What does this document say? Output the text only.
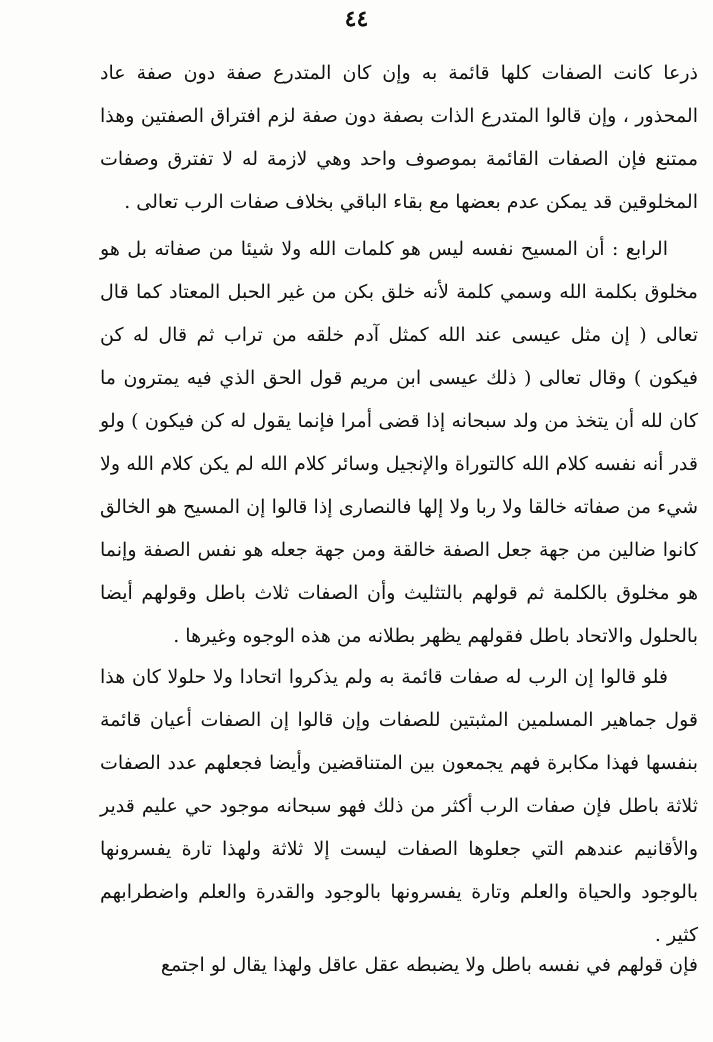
٤٤

ذرعا كانت الصفات كلها قائمة به وإن كان المتدرع صفة دون صفة عاد المحذور ، وإن قالوا المتدرع الذات بصفة دون صفة لزم افتراق الصفتين وهذا ممتنع فإن الصفات القائمة بموصوف واحد وهي لازمة له لا تفترق وصفات المخلوقين قد يمكن عدم بعضها مع بقاء الباقي بخلاف صفات الرب تعالى .

الرابع : أن المسيح نفسه ليس هو كلمات الله ولا شيئا من صفاته بل هو مخلوق بكلمة الله وسمي كلمة لأنه خلق بكن من غير الحبل المعتاد كما قال تعالى ( إن مثل عيسى عند الله كمثل آدم خلقه من تراب ثم قال له كن فيكون ) وقال تعالى ( ذلك عيسى ابن مريم قول الحق الذي فيه يمترون ما كان لله أن يتخذ من ولد سبحانه إذا قضى أمرا فإنما يقول له كن فيكون ) ولو قدر أنه نفسه كلام الله كالتوراة والإنجيل وسائر كلام الله لم يكن كلام الله ولا شيء من صفاته خالقا ولا ربا ولا إلها فالنصارى إذا قالوا إن المسيح هو الخالق كانوا ضالين من جهة جعل الصفة خالقة ومن جهة جعله هو نفس الصفة وإنما هو مخلوق بالكلمة ثم قولهم بالتثليث وأن الصفات ثلاث باطل وقولهم أيضا بالحلول والاتحاد باطل فقولهم يظهر بطلانه من هذه الوجوه وغيرها .

فلو قالوا إن الرب له صفات قائمة به ولم يذكروا اتحادا ولا حلولا كان هذا قول جماهير المسلمين المثبتين للصفات وإن قالوا إن الصفات أعيان قائمة بنفسها فهذا مكابرة فهم يجمعون بين المتناقضين وأيضا فجعلهم عدد الصفات ثلاثة باطل فإن صفات الرب أكثر من ذلك فهو سبحانه موجود حي عليم قدير والأقانيم عندهم التي جعلوها الصفات ليست إلا ثلاثة ولهذا تارة يفسرونها بالوجود والحياة والعلم وتارة يفسرونها بالوجود والقدرة والعلم واضطرابهم كثير .

فإن قولهم في نفسه باطل ولا يضبطه عقل عاقل ولهذا يقال لو اجتمع
